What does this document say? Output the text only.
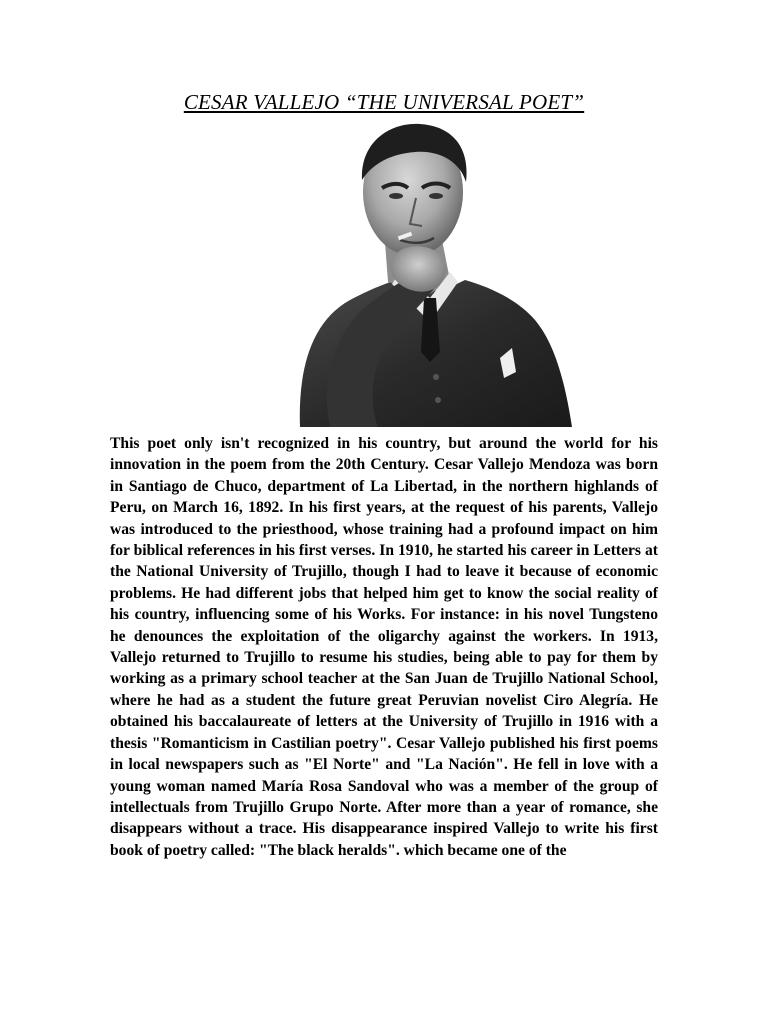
CESAR VALLEJO “THE UNIVERSAL POET”

This poet only isn't recognized in his country, but around the world for his innovation in the poem from the 20th Century. Cesar Vallejo Mendoza was born in Santiago de Chuco, department of La Libertad, in the northern highlands of Peru, on March 16, 1892. In his first years, at the request of his parents, Vallejo was introduced to the priesthood, whose training had a profound impact on him for biblical references in his first verses. In 1910, he started his career in Letters at the National University of Trujillo, though I had to leave it because of economic problems. He had different jobs that helped him get to know the social reality of his country, influencing some of his Works. For instance: in his novel Tungsteno he denounces the exploitation of the oligarchy against the workers. In 1913, Vallejo returned to Trujillo to resume his studies, being able to pay for them by working as a primary school teacher at the San Juan de Trujillo National School, where he had as a student the future great Peruvian novelist Ciro Alegría. He obtained his baccalaureate of letters at the University of Trujillo in 1916 with a thesis "Romanticism in Castilian poetry". Cesar Vallejo published his first poems in local newspapers such as "El Norte" and "La Nación". He fell in love with a young woman named María Rosa Sandoval who was a member of the group of intellectuals from Trujillo Grupo Norte. After more than a year of romance, she disappears without a trace. His disappearance inspired Vallejo to write his first book of poetry called: "The black heralds". which became one of the
